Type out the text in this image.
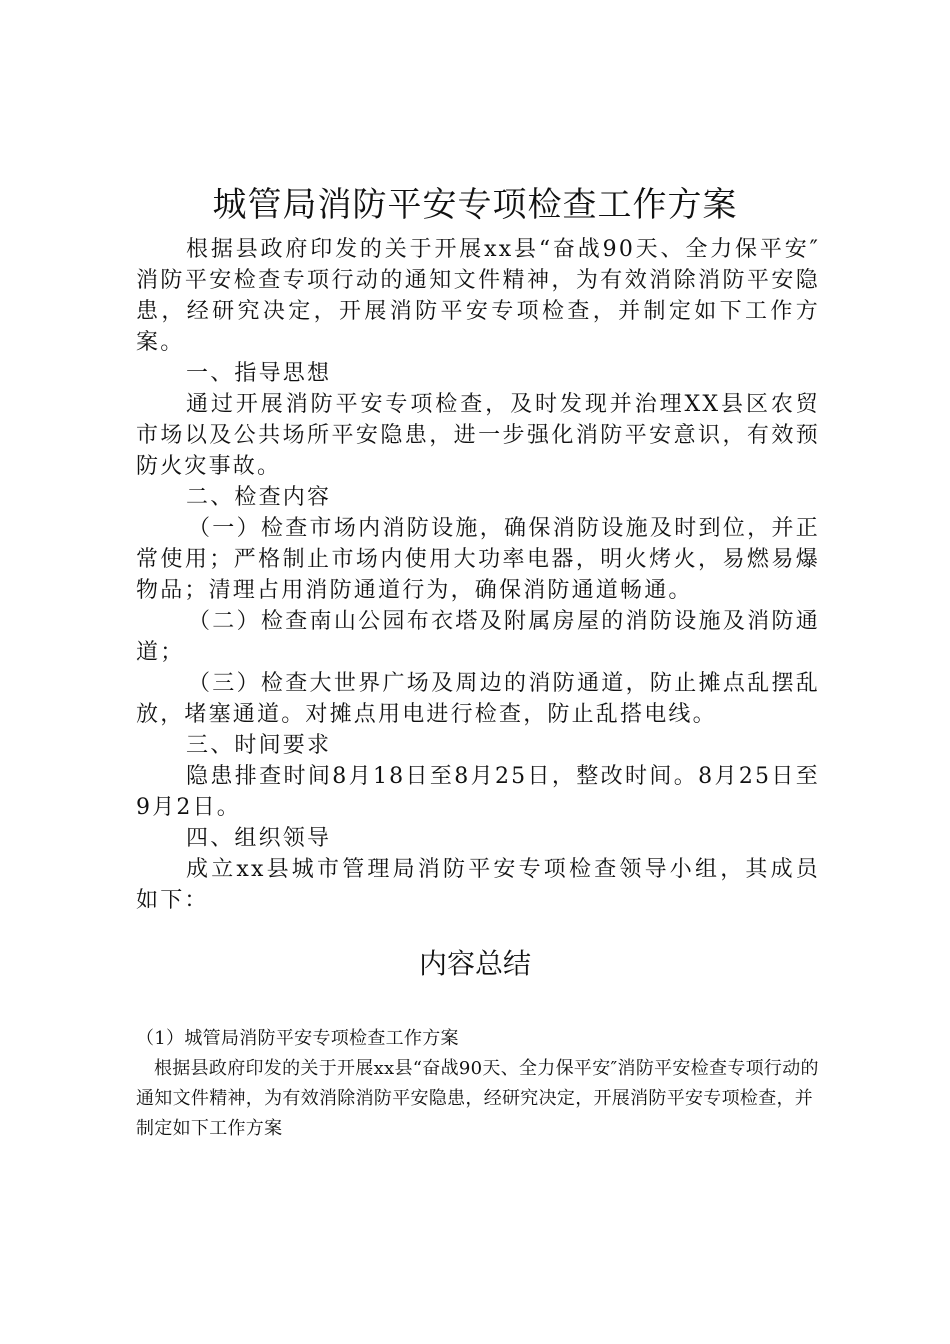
城管局消防平安专项检查工作方案

根据县政府印发的关于开展xx县“奋战90天、全力保平安″消防平安检查专项行动的通知文件精神，为有效消除消防平安隐患，经研究决定，开展消防平安专项检查，并制定如下工作方案。

一、指导思想

通过开展消防平安专项检查，及时发现并治理XX县区农贸市场以及公共场所平安隐患，进一步强化消防平安意识，有效预防火灾事故。

二、检查内容

（一）检查市场内消防设施，确保消防设施及时到位，并正常使用；严格制止市场内使用大功率电器，明火烤火，易燃易爆物品；清理占用消防通道行为，确保消防通道畅通。

（二）检查南山公园布衣塔及附属房屋的消防设施及消防通道；

（三）检查大世界广场及周边的消防通道，防止摊点乱摆乱放，堵塞通道。对摊点用电进行检查，防止乱搭电线。

三、时间要求

隐患排查时间8月18日至8月25日，整改时间。8月25日至9月2日。

四、组织领导

成立xx县城市管理局消防平安专项检查领导小组，其成员如下：

内容总结

（1）城管局消防平安专项检查工作方案

根据县政府印发的关于开展xx县“奋战90天、全力保平安″消防平安检查专项行动的通知文件精神，为有效消除消防平安隐患，经研究决定，开展消防平安专项检查，并制定如下工作方案
